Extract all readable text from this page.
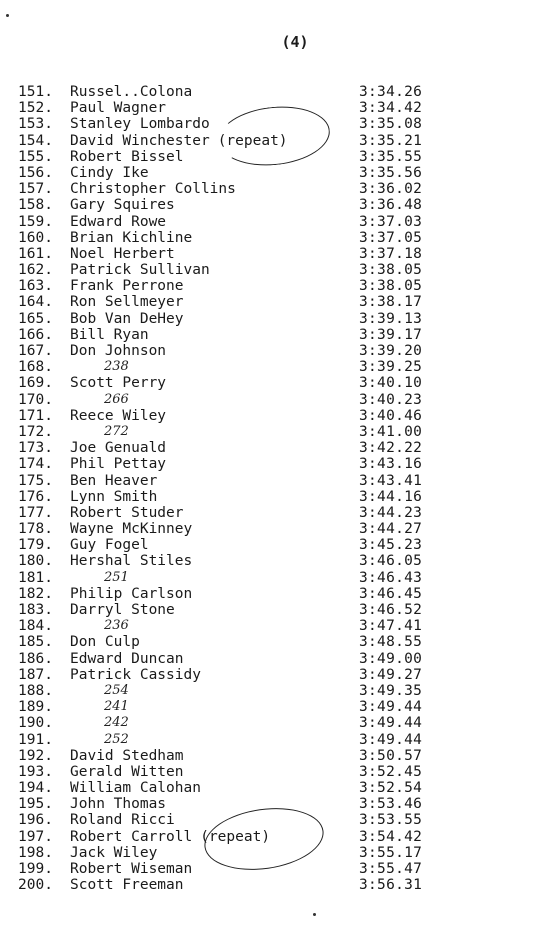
(4)
151.	Russel..Colona	3:34.26
152.	Paul Wagner	3:34.42
153.	Stanley Lombardo	3:35.08
154.	David Winchester (repeat)	3:35.21
155.	Robert Bissel	3:35.55
156.	Cindy Ike	3:35.56
157.	Christopher Collins	3:36.02
158.	Gary Squires	3:36.48
159.	Edward Rowe	3:37.03
160.	Brian Kichline	3:37.05
161.	Noel Herbert	3:37.18
162.	Patrick Sullivan	3:38.05
163.	Frank Perrone	3:38.05
164.	Ron Sellmeyer	3:38.17
165.	Bob Van DeHey	3:39.13
166.	Bill Ryan	3:39.17
167.	Don Johnson	3:39.20
168.	238	3:39.25
169.	Scott Perry	3:40.10
170.	266	3:40.23
171.	Reece Wiley	3:40.46
172.	272	3:41.00
173.	Joe Genuald	3:42.22
174.	Phil Pettay	3:43.16
175.	Ben Heaver	3:43.41
176.	Lynn Smith	3:44.16
177.	Robert Studer	3:44.23
178.	Wayne McKinney	3:44.27
179.	Guy Fogel	3:45.23
180.	Hershal Stiles	3:46.05
181.	251	3:46.43
182.	Philip Carlson	3:46.45
183.	Darryl Stone	3:46.52
184.	236	3:47.41
185.	Don Culp	3:48.55
186.	Edward Duncan	3:49.00
187.	Patrick Cassidy	3:49.27
188.	254	3:49.35
189.	241	3:49.44
190.	242	3:49.44
191.	252	3:49.44
192.	David Stedham	3:50.57
193.	Gerald Witten	3:52.45
194.	William Calohan	3:52.54
195.	John Thomas	3:53.46
196.	Roland Ricci	3:53.55
197.	Robert Carroll (repeat)	3:54.42
198.	Jack Wiley	3:55.17
199.	Robert Wiseman	3:55.47
200.	Scott Freeman	3:56.31
